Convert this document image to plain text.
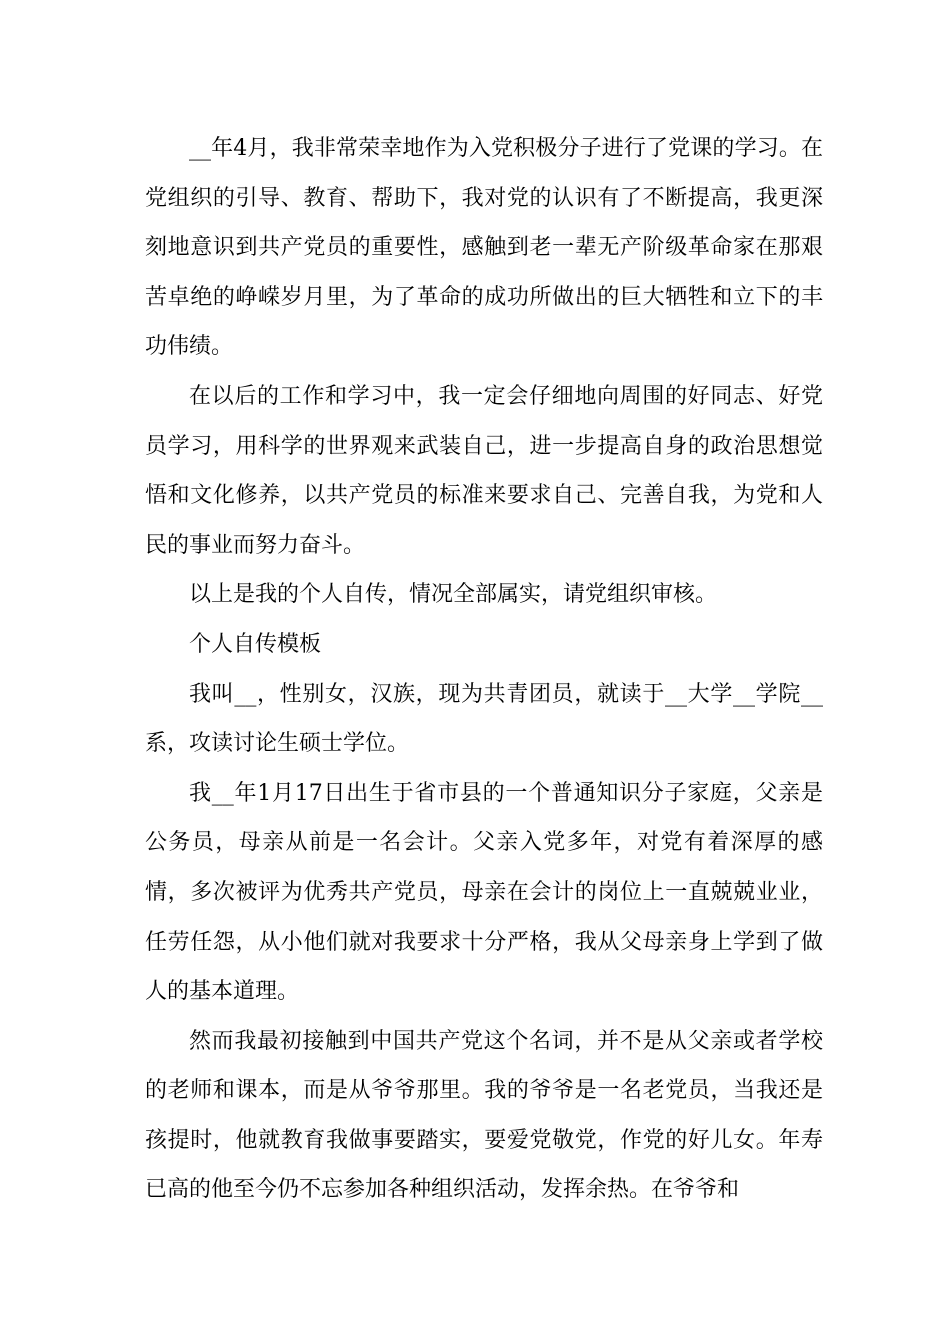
__年4月，我非常荣幸地作为入党积极分子进行了党课的学习。在党组织的引导、教育、帮助下，我对党的认识有了不断提高，我更深刻地意识到共产党员的重要性，感触到老一辈无产阶级革命家在那艰苦卓绝的峥嵘岁月里，为了革命的成功所做出的巨大牺牲和立下的丰功伟绩。

在以后的工作和学习中，我一定会仔细地向周围的好同志、好党员学习，用科学的世界观来武装自己，进一步提高自身的政治思想觉悟和文化修养，以共产党员的标准来要求自己、完善自我，为党和人民的事业而努力奋斗。

以上是我的个人自传，情况全部属实，请党组织审核。

个人自传模板

我叫__，性别女，汉族，现为共青团员，就读于__大学__学院__系，攻读讨论生硕士学位。

我__年1月17日出生于省市县的一个普通知识分子家庭，父亲是公务员，母亲从前是一名会计。父亲入党多年，对党有着深厚的感情，多次被评为优秀共产党员，母亲在会计的岗位上一直兢兢业业，任劳任怨，从小他们就对我要求十分严格，我从父母亲身上学到了做人的基本道理。

然而我最初接触到中国共产党这个名词，并不是从父亲或者学校的老师和课本，而是从爷爷那里。我的爷爷是一名老党员，当我还是孩提时，他就教育我做事要踏实，要爱党敬党，作党的好儿女。年寿已高的他至今仍不忘参加各种组织活动，发挥余热。在爷爷和
